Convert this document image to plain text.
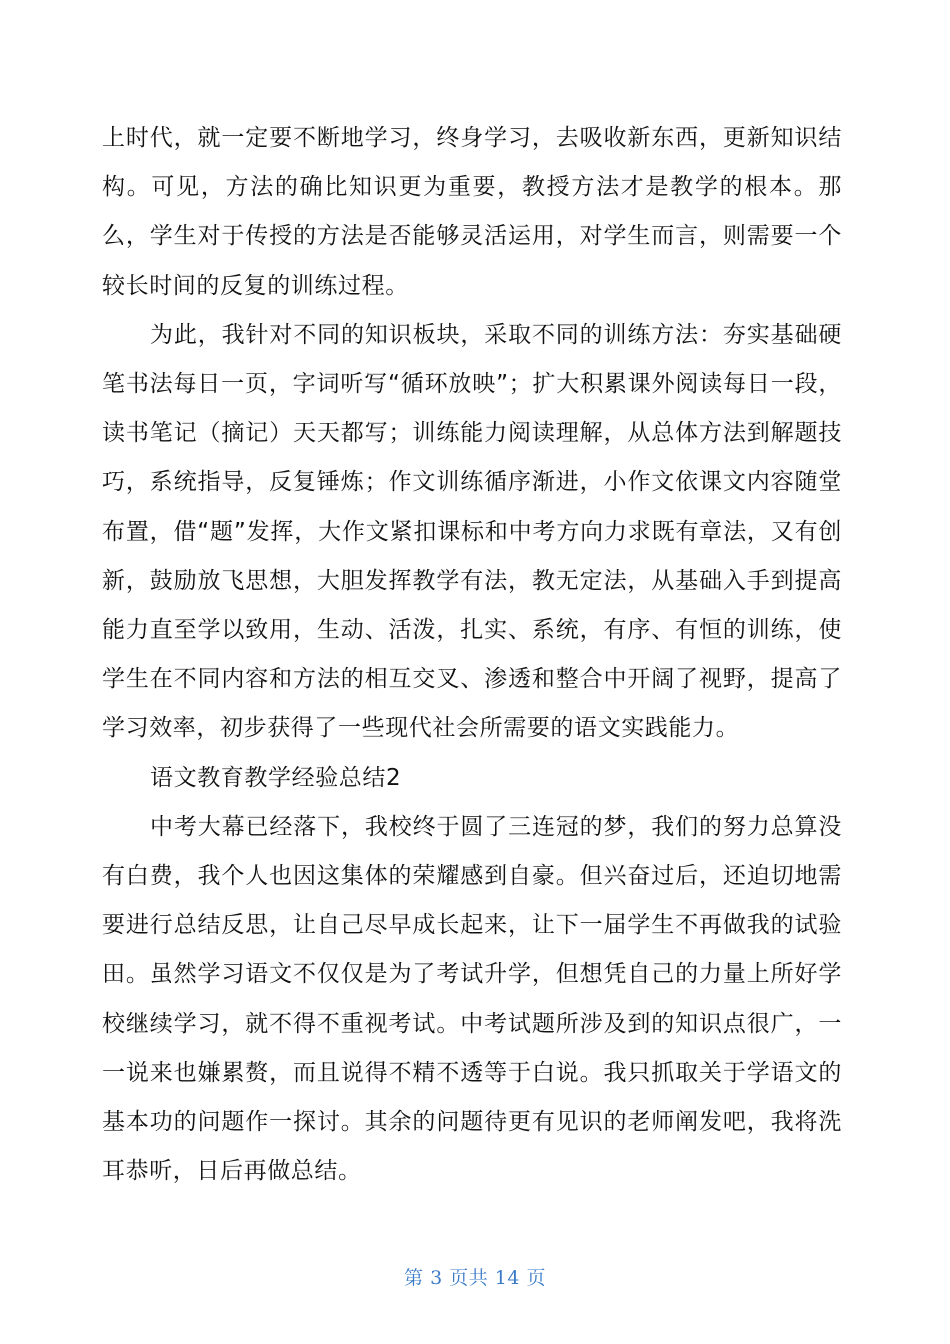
上时代，就一定要不断地学习，终身学习，去吸收新东西，更新知识结构。可见，方法的确比知识更为重要，教授方法才是教学的根本。那么，学生对于传授的方法是否能够灵活运用，对学生而言，则需要一个较长时间的反复的训练过程。

为此，我针对不同的知识板块，采取不同的训练方法：夯实基础硬笔书法每日一页，字词听写“循环放映”；扩大积累课外阅读每日一段，读书笔记（摘记）天天都写；训练能力阅读理解，从总体方法到解题技巧，系统指导，反复锤炼；作文训练循序渐进，小作文依课文内容随堂布置，借“题”发挥，大作文紧扣课标和中考方向力求既有章法，又有创新，鼓励放飞思想，大胆发挥教学有法，教无定法，从基础入手到提高能力直至学以致用，生动、活泼，扎实、系统，有序、有恒的训练，使学生在不同内容和方法的相互交叉、渗透和整合中开阔了视野，提高了学习效率，初步获得了一些现代社会所需要的语文实践能力。

语文教育教学经验总结2

中考大幕已经落下，我校终于圆了三连冠的梦，我们的努力总算没有白费，我个人也因这集体的荣耀感到自豪。但兴奋过后，还迫切地需要进行总结反思，让自己尽早成长起来，让下一届学生不再做我的试验田。虽然学习语文不仅仅是为了考试升学，但想凭自己的力量上所好学校继续学习，就不得不重视考试。中考试题所涉及到的知识点很广，一一说来也嫌累赘，而且说得不精不透等于白说。我只抓取关于学语文的基本功的问题作一探讨。其余的问题待更有见识的老师阐发吧，我将洗耳恭听，日后再做总结。

第 3 页共 14 页
